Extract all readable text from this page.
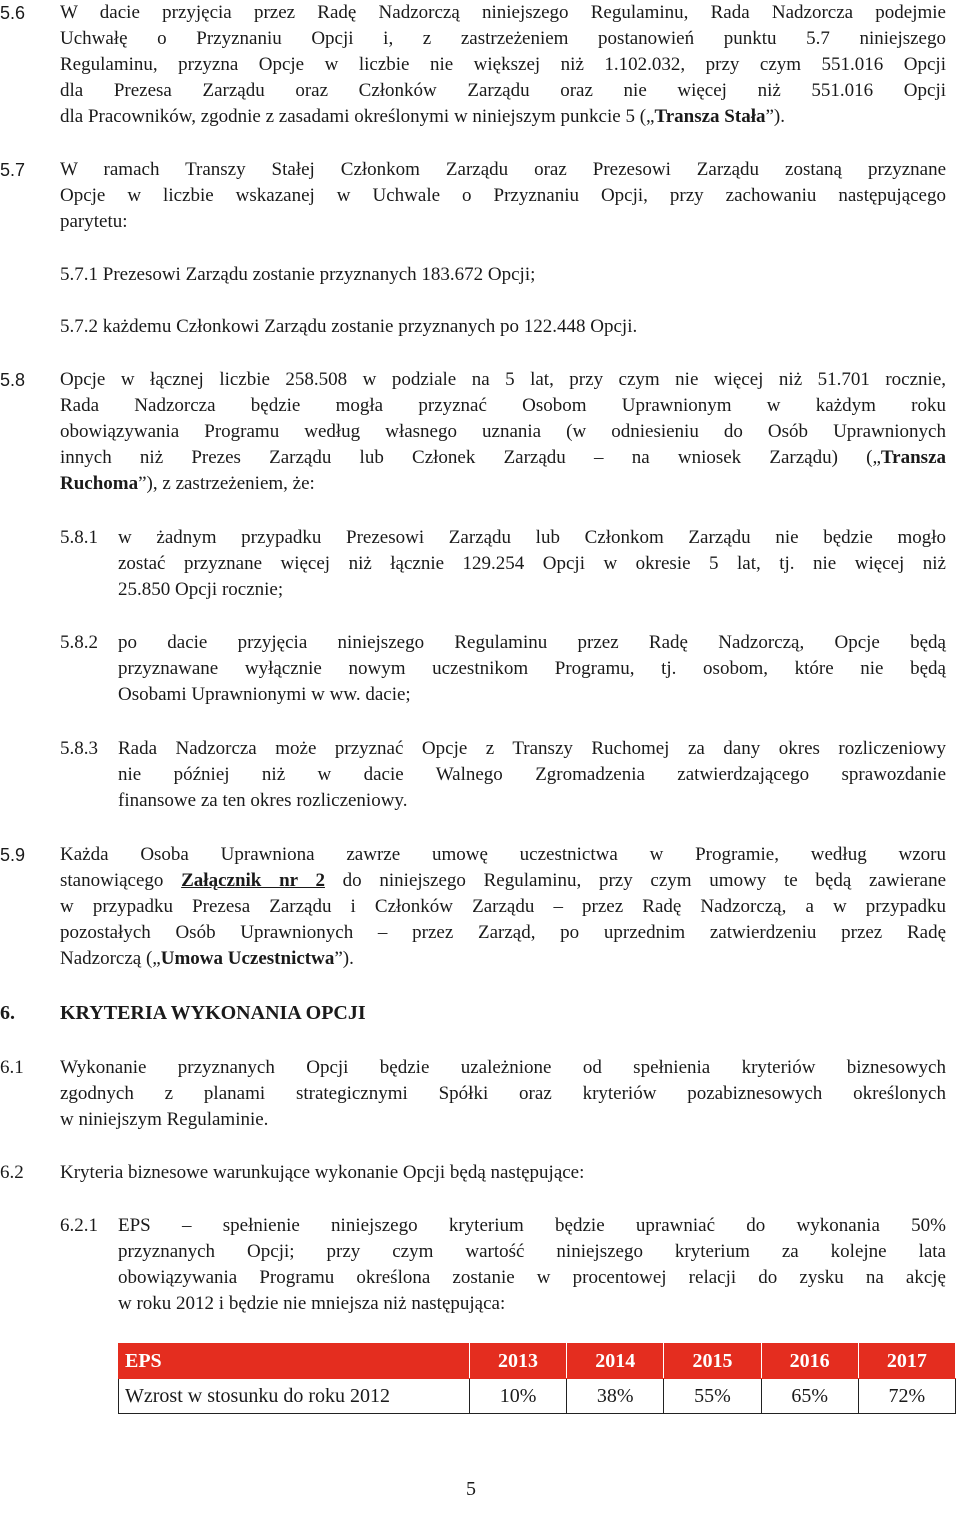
5.6 W dacie przyjęcia przez Radę Nadzorczą niniejszego Regulaminu, Rada Nadzorcza podejmie
Uchwałę o Przyznaniu Opcji i, z zastrzeżeniem postanowień punktu 5.7 niniejszego
Regulaminu, przyzna Opcje w liczbie nie większej niż 1.102.032, przy czym 551.016 Opcji
dla Prezesa Zarządu oraz Członków Zarządu oraz nie więcej niż 551.016 Opcji
dla Pracowników, zgodnie z zasadami określonymi w niniejszym punkcie 5 („Transza Stała”).
5.7 W ramach Transzy Stałej Członkom Zarządu oraz Prezesowi Zarządu zostaną przyznane
Opcje w liczbie wskazanej w Uchwale o Przyznaniu Opcji, przy zachowaniu następującego
parytetu:
5.7.1 Prezesowi Zarządu zostanie przyznanych 183.672 Opcji;
5.7.2 każdemu Członkowi Zarządu zostanie przyznanych po 122.448 Opcji.
5.8 Opcje w łącznej liczbie 258.508 w podziale na 5 lat, przy czym nie więcej niż 51.701 rocznie,
Rada Nadzorcza będzie mogła przyznać Osobom Uprawnionym w każdym roku
obowiązywania Programu według własnego uznania (w odniesieniu do Osób Uprawnionych
innych niż Prezes Zarządu lub Członek Zarządu – na wniosek Zarządu) („Transza
Ruchoma”), z zastrzeżeniem, że:
5.8.1 w żadnym przypadku Prezesowi Zarządu lub Członkom Zarządu nie będzie mogło
zostać przyznane więcej niż łącznie 129.254 Opcji w okresie 5 lat, tj. nie więcej niż
25.850 Opcji rocznie;
5.8.2 po dacie przyjęcia niniejszego Regulaminu przez Radę Nadzorczą, Opcje będą
przyznawane wyłącznie nowym uczestnikom Programu, tj. osobom, które nie będą
Osobami Uprawnionymi w ww. dacie;
5.8.3 Rada Nadzorcza może przyznać Opcje z Transzy Ruchomej za dany okres rozliczeniowy
nie później niż w dacie Walnego Zgromadzenia zatwierdzającego sprawozdanie
finansowe za ten okres rozliczeniowy.
5.9 Każda Osoba Uprawniona zawrze umowę uczestnictwa w Programie, według wzoru
stanowiącego Załącznik nr 2 do niniejszego Regulaminu, przy czym umowy te będą zawierane
w przypadku Prezesa Zarządu i Członków Zarządu – przez Radę Nadzorczą, a w przypadku
pozostałych Osób Uprawnionych – przez Zarząd, po uprzednim zatwierdzeniu przez Radę
Nadzorczą („Umowa Uczestnictwa”).
6. KRYTERIA WYKONANIA OPCJI
6.1 Wykonanie przyznanych Opcji będzie uzależnione od spełnienia kryteriów biznesowych
zgodnych z planami strategicznymi Spółki oraz kryteriów pozabiznesowych określonych
w niniejszym Regulaminie.
6.2 Kryteria biznesowe warunkujące wykonanie Opcji będą następujące:
6.2.1 EPS – spełnienie niniejszego kryterium będzie uprawniać do wykonania 50%
przyznanych Opcji; przy czym wartość niniejszego kryterium za kolejne lata
obowiązywania Programu określona zostanie w procentowej relacji do zysku na akcję
w roku 2012 i będzie nie mniejsza niż następująca:
EPS	2013	2014	2015	2016	2017
Wzrost w stosunku do roku 2012	10%	38%	55%	65%	72%
5
